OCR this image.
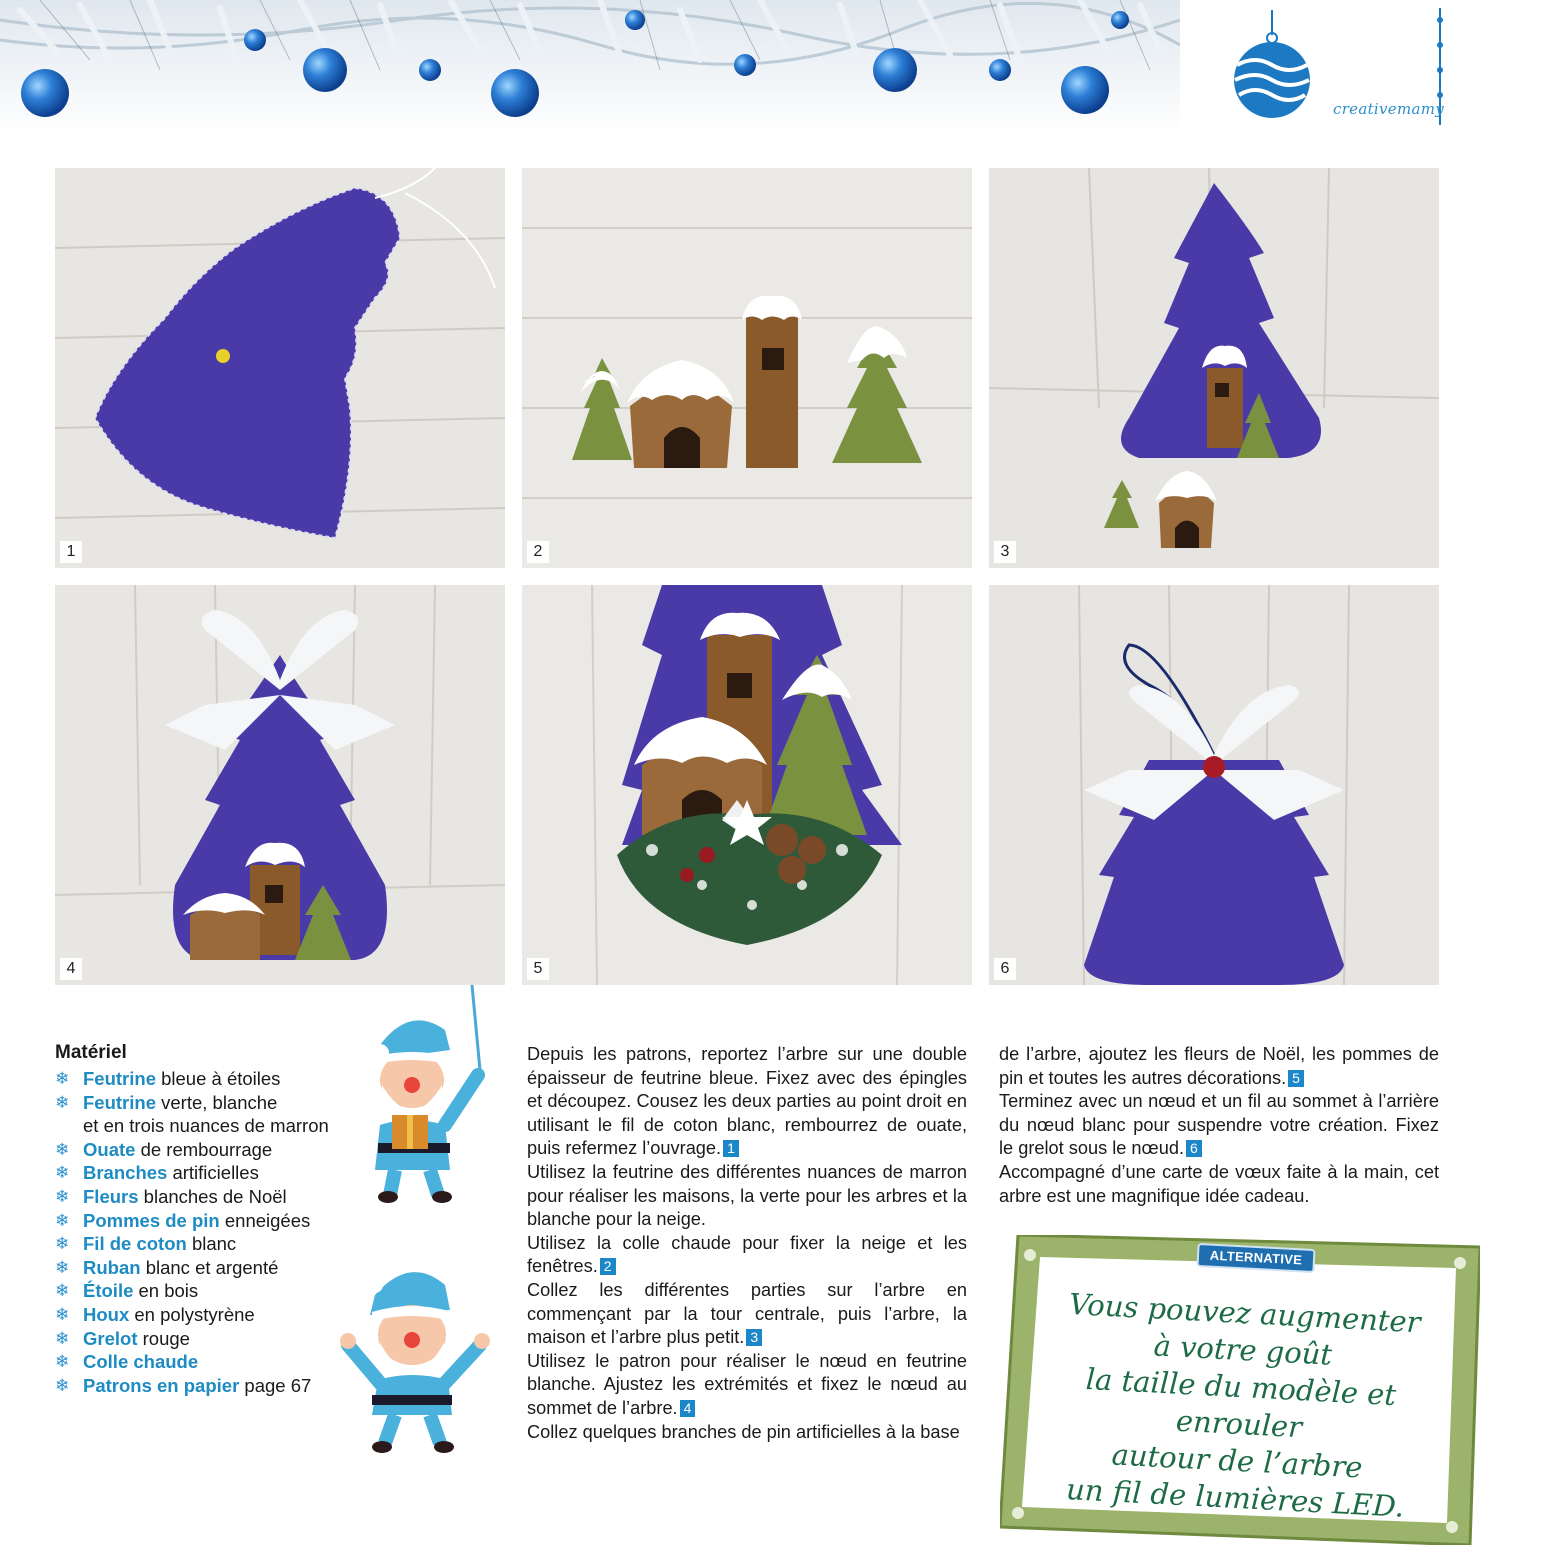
creativemamy
1	2	3
4	5	6
Matériel
❄ Feutrine bleue à étoiles
❄ Feutrine verte, blanche
et en trois nuances de marron
❄ Ouate de rembourrage
❄ Branches artificielles
❄ Fleurs blanches de Noël
❄ Pommes de pin enneigées
❄ Fil de coton blanc
❄ Ruban blanc et argenté
❄ Étoile en bois
❄ Houx en polystyrène
❄ Grelot rouge
❄ Colle chaude
❄ Patrons en papier page 67

Depuis les patrons, reportez l’arbre sur une double épaisseur de feutrine bleue. Fixez avec des épingles et découpez. Cousez les deux parties au point droit en utilisant le fil de coton blanc, rembourrez de ouate, puis refermez l’ouvrage. 1

Utilisez la feutrine des différentes nuances de marron pour réaliser les maisons, la verte pour les arbres et la blanche pour la neige.

Utilisez la colle chaude pour fixer la neige et les fenêtres. 2

Collez les différentes parties sur l’arbre en commençant par la tour centrale, puis l’arbre, la maison et l’arbre plus petit. 3

Utilisez le patron pour réaliser le nœud en feutrine blanche. Ajustez les extrémités et fixez le nœud au sommet de l’arbre. 4

Collez quelques branches de pin artificielles à la base

de l’arbre, ajoutez les fleurs de Noël, les pommes de pin et toutes les autres décorations. 5

Terminez avec un nœud et un fil au sommet à l’arrière du nœud blanc pour suspendre votre création. Fixez le grelot sous le nœud. 6

Accompagné d’une carte de vœux faite à la main, cet arbre est une magnifique idée cadeau.

ALTERNATIVE
Vous pouvez augmenter
à votre goût
la taille du modèle et enrouler
autour de l’arbre
un fil de lumières LED.
